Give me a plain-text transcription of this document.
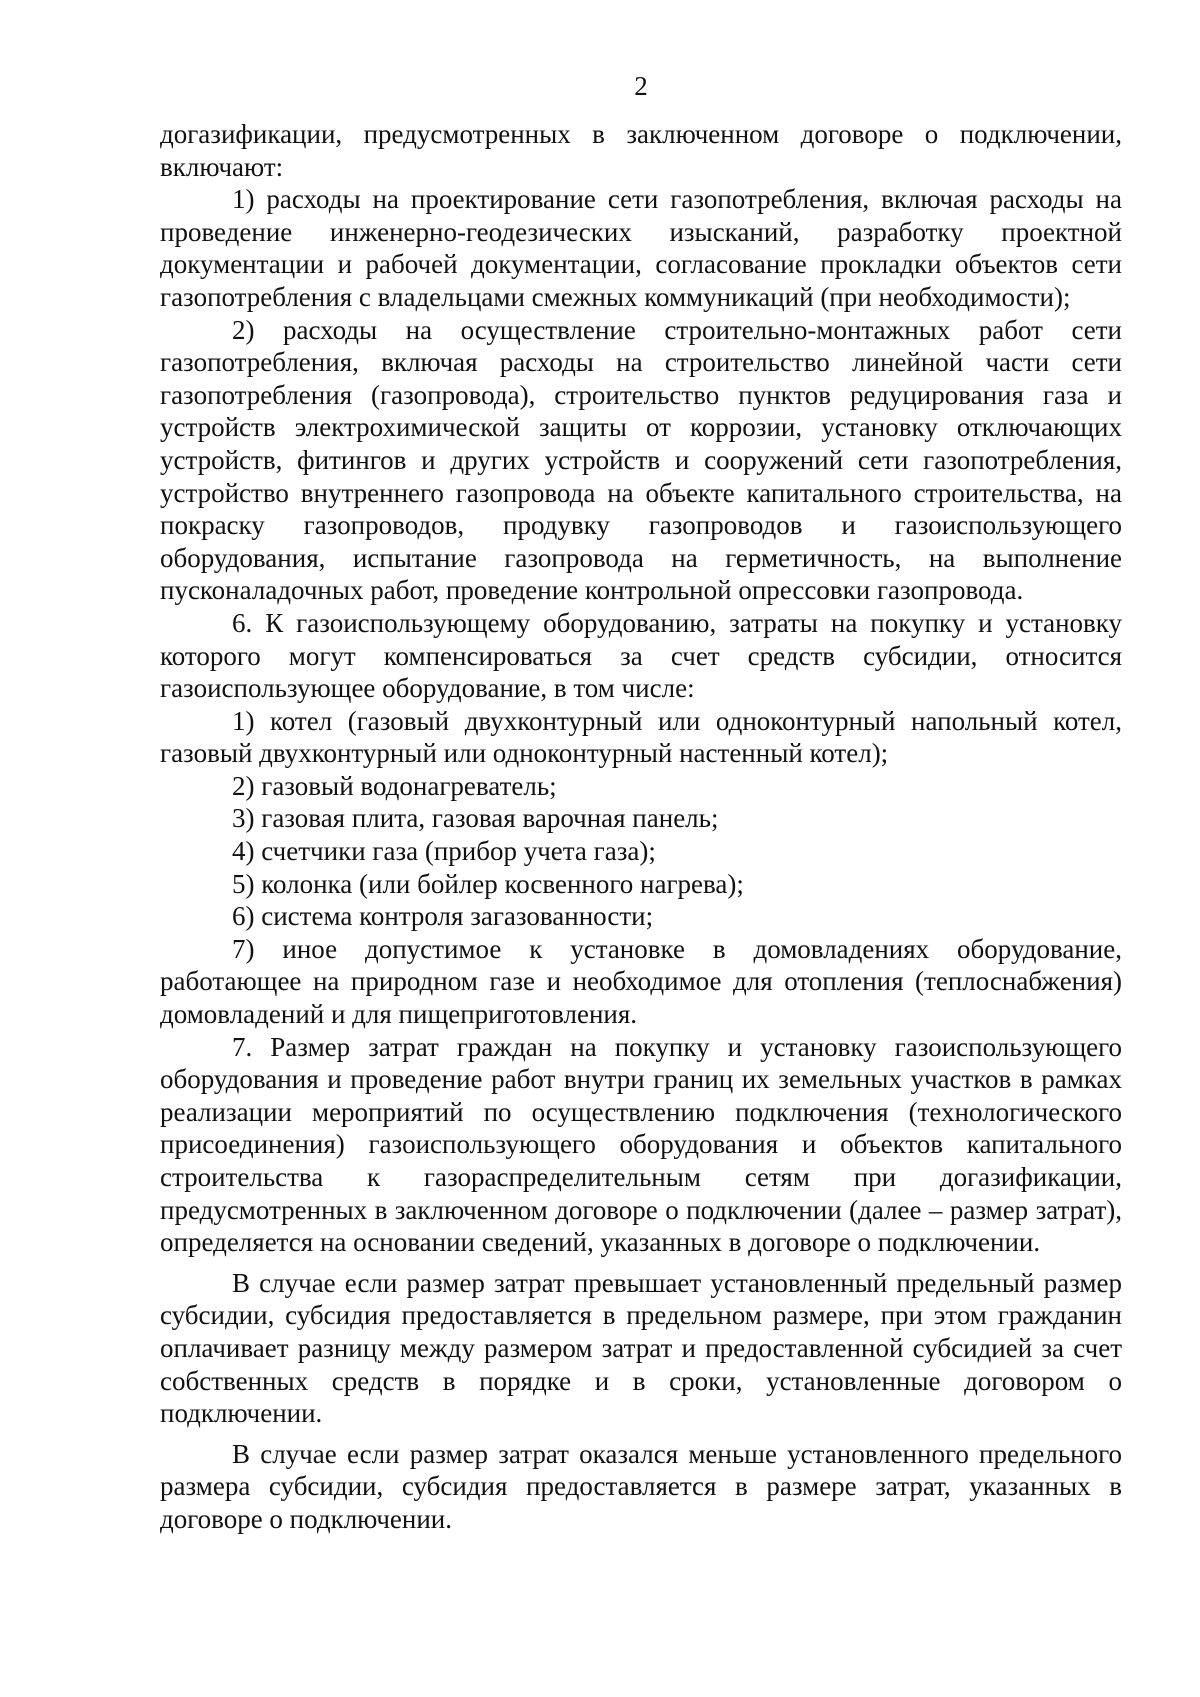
2

догазификации, предусмотренных в заключенном договоре о подключении, включают:

1) расходы на проектирование сети газопотребления, включая расходы на проведение инженерно-геодезических изысканий, разработку проектной документации и рабочей документации, согласование прокладки объектов сети газопотребления с владельцами смежных коммуникаций (при необходимости);

2) расходы на осуществление строительно-монтажных работ сети газопотребления, включая расходы на строительство линейной части сети газопотребления (газопровода), строительство пунктов редуцирования газа и устройств электрохимической защиты от коррозии, установку отключающих устройств, фитингов и других устройств и сооружений сети газопотребления, устройство внутреннего газопровода на объекте капитального строительства, на покраску газопроводов, продувку газопроводов и газоиспользующего оборудования, испытание газопровода на герметичность, на выполнение пусконаладочных работ, проведение контрольной опрессовки газопровода.

6. К газоиспользующему оборудованию, затраты на покупку и установку которого могут компенсироваться за счет средств субсидии, относится газоиспользующее оборудование, в том числе:

1) котел (газовый двухконтурный или одноконтурный напольный котел, газовый двухконтурный или одноконтурный настенный котел);

2) газовый водонагреватель;

3) газовая плита, газовая варочная панель;

4) счетчики газа (прибор учета газа);

5) колонка (или бойлер косвенного нагрева);

6) система контроля загазованности;

7) иное допустимое к установке в домовладениях оборудование, работающее на природном газе и необходимое для отопления (теплоснабжения) домовладений и для пищеприготовления.

7. Размер затрат граждан на покупку и установку газоиспользующего оборудования и проведение работ внутри границ их земельных участков в рамках реализации мероприятий по осуществлению подключения (технологического присоединения) газоиспользующего оборудования и объектов капитального строительства к газораспределительным сетям при догазификации, предусмотренных в заключенном договоре о подключении (далее – размер затрат), определяется на основании сведений, указанных в договоре о подключении.

В случае если размер затрат превышает установленный предельный размер субсидии, субсидия предоставляется в предельном размере, при этом гражданин оплачивает разницу между размером затрат и предоставленной субсидией за счет собственных средств в порядке и в сроки, установленные договором о подключении.

В случае если размер затрат оказался меньше установленного предельного размера субсидии, субсидия предоставляется в размере затрат, указанных в договоре о подключении.
